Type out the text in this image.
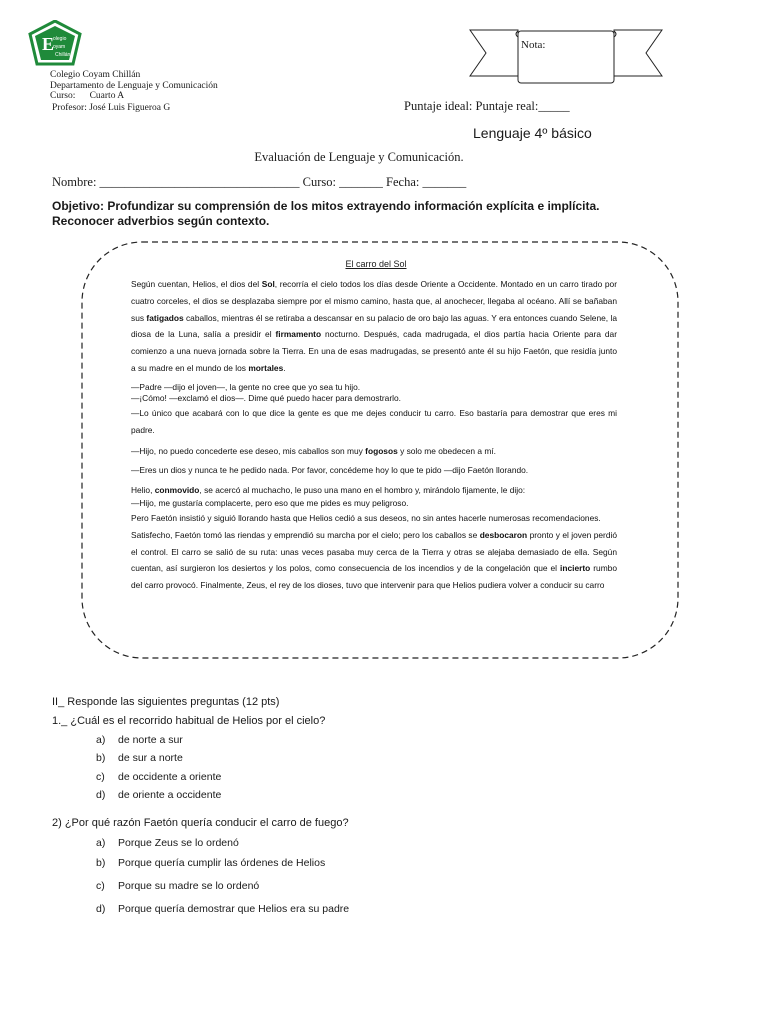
E
olegio
oyam
Chillán
Colegio Coyam Chillán
Departamento de Lenguaje y Comunicación
Curso:      Cuarto A
Profesor: José Luis Figueroa G
Nota:
Puntaje ideal: Puntaje real:_____
Lenguaje 4º básico
Evaluación de Lenguaje y Comunicación.
Nombre: ________________________________ Curso: _______ Fecha: _______
Objetivo: Profundizar su comprensión de los mitos extrayendo información explícita e implícita.
Reconocer adverbios según contexto.
El carro del Sol

Según cuentan, Helios, el dios del Sol, recorría el cielo todos los días desde Oriente a Occidente. Montado en un carro tirado por cuatro corceles, el dios se desplazaba siempre por el mismo camino, hasta que, al anochecer, llegaba al océano. Allí se bañaban sus fatigados caballos, mientras él se retiraba a descansar en su palacio de oro bajo las aguas. Y era entonces cuando Selene, la diosa de la Luna, salía a presidir el firmamento nocturno. Después, cada madrugada, el dios partía hacia Oriente para dar comienzo a una nueva jornada sobre la Tierra. En una de esas madrugadas, se presentó ante él su hijo Faetón, que residía junto a su madre en el mundo de los mortales.

—Padre —dijo el joven—, la gente no cree que yo sea tu hijo.

—¡Cómo! —exclamó el dios—. Dime qué puedo hacer para demostrarlo.

—Lo único que acabará con lo que dice la gente es que me dejes conducir tu carro. Eso bastaría para demostrar que eres mi padre.

—Hijo, no puedo concederte ese deseo, mis caballos son muy fogosos y solo me obedecen a mí.

—Eres un dios y nunca te he pedido nada. Por favor, concédeme hoy lo que te pido —dijo Faetón llorando.

Helio, conmovido, se acercó al muchacho, le puso una mano en el hombro y, mirándolo fijamente, le dijo:

—Hijo, me gustaría complacerte, pero eso que me pides es muy peligroso.

Pero Faetón insistió y siguió llorando hasta que Helios cedió a sus deseos, no sin antes hacerle numerosas recomendaciones.

Satisfecho, Faetón tomó las riendas y emprendió su marcha por el cielo; pero los caballos se desbocaron pronto y el joven perdió el control. El carro se salió de su ruta: unas veces pasaba muy cerca de la Tierra y otras se alejaba demasiado de ella. Según cuentan, así surgieron los desiertos y los polos, como consecuencia de los incendios y de la congelación que el incierto rumbo del carro provocó. Finalmente, Zeus, el rey de los dioses, tuvo que intervenir para que Helios pudiera volver a conducir su carro

II_ Responde las siguientes preguntas (12 pts)
1._ ¿Cuál es el recorrido habitual de Helios por el cielo?
a) de norte a sur
b) de sur a norte
c) de occidente a oriente
d) de oriente a occidente
2) ¿Por qué razón Faetón quería conducir el carro de fuego?
a) Porque Zeus se lo ordenó
b) Porque quería cumplir las órdenes de Helios
c) Porque su madre se lo ordenó
d) Porque quería demostrar que Helios era su padre
